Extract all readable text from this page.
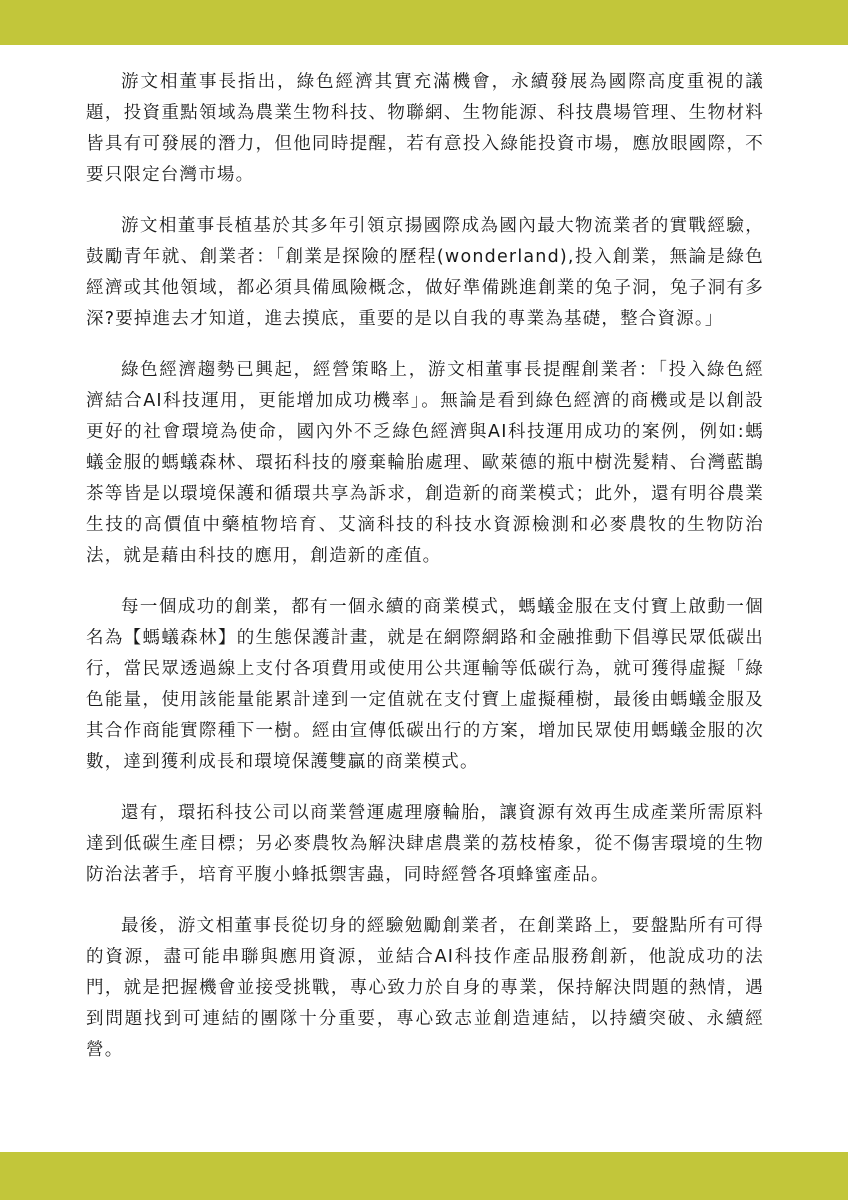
游文相董事長指出，綠色經濟其實充滿機會，永續發展為國際高度重視的議題，投資重點領域為農業生物科技、物聯網、生物能源、科技農場管理、生物材料皆具有可發展的潛力，但他同時提醒，若有意投入綠能投資市場，應放眼國際，不要只限定台灣市場。

游文相董事長植基於其多年引領京揚國際成為國內最大物流業者的實戰經驗，鼓勵青年就、創業者：「創業是探險的歷程(wonderland),投入創業，無論是綠色經濟或其他領域，都必須具備風險概念，做好準備跳進創業的兔子洞，兔子洞有多深?要掉進去才知道，進去摸底，重要的是以自我的專業為基礎，整合資源。」

綠色經濟趨勢已興起，經營策略上，游文相董事長提醒創業者：「投入綠色經濟結合AI科技運用，更能增加成功機率」。無論是看到綠色經濟的商機或是以創設更好的社會環境為使命，國內外不乏綠色經濟與AI科技運用成功的案例，例如:螞蟻金服的螞蟻森林、環拓科技的廢棄輪胎處理、歐萊德的瓶中樹洗髮精、台灣藍鵲茶等皆是以環境保護和循環共享為訴求，創造新的商業模式；此外，還有明谷農業生技的高價值中藥植物培育、艾滴科技的科技水資源檢測和必麥農牧的生物防治法，就是藉由科技的應用，創造新的產值。

每一個成功的創業，都有一個永續的商業模式，螞蟻金服在支付寶上啟動一個名為【螞蟻森林】的生態保護計畫，就是在網際網路和金融推動下倡導民眾低碳出行，當民眾透過線上支付各項費用或使用公共運輸等低碳行為，就可獲得虛擬「綠色能量，使用該能量能累計達到一定值就在支付寶上虛擬種樹，最後由螞蟻金服及其合作商能實際種下一樹。經由宣傳低碳出行的方案，增加民眾使用螞蟻金服的次數，達到獲利成長和環境保護雙贏的商業模式。

還有，環拓科技公司以商業營運處理廢輪胎，讓資源有效再生成產業所需原料達到低碳生產目標；另必麥農牧為解決肆虐農業的荔枝椿象，從不傷害環境的生物防治法著手，培育平腹小蜂抵禦害蟲，同時經營各項蜂蜜產品。

最後，游文相董事長從切身的經驗勉勵創業者，在創業路上，要盤點所有可得的資源，盡可能串聯與應用資源，並結合AI科技作產品服務創新，他說成功的法門，就是把握機會並接受挑戰，專心致力於自身的專業，保持解決問題的熱情，遇到問題找到可連結的團隊十分重要，專心致志並創造連結，以持續突破、永續經營。
